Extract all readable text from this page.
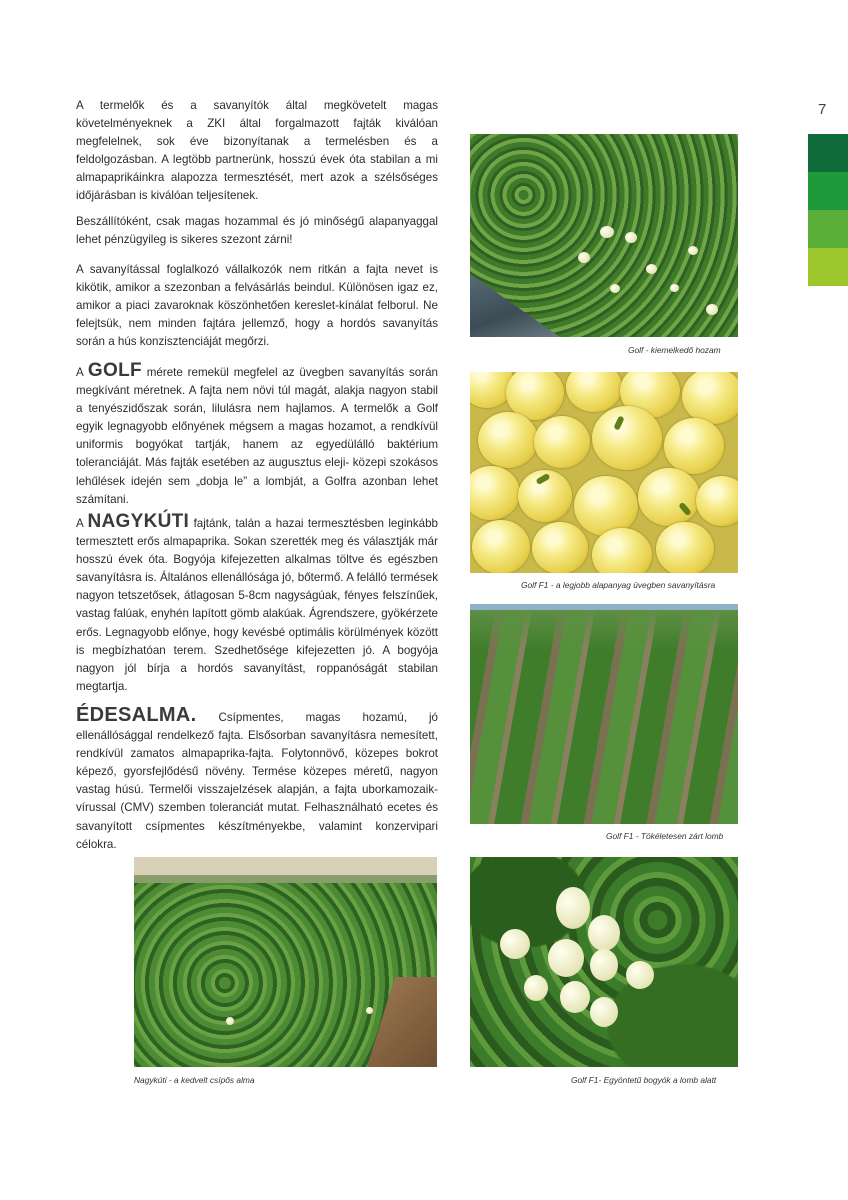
7

A termelők és a savanyítók által megkövetelt magas követelményeknek a ZKI által forgalmazott fajták kiválóan megfelelnek, sok éve bizonyítanak a termelésben és a feldolgozásban. A legtöbb partnerünk, hosszú évek óta stabilan a mi almapaprikáinkra alapozza termesztését, mert azok a szélsőséges időjárásban is kiválóan teljesítenek.

Beszállítóként, csak magas hozammal és jó minőségű alapanyaggal lehet pénzügyileg is sikeres szezont zárni!

A savanyítással foglalkozó vállalkozók nem ritkán a fajta nevet is kikötik, amikor a szezonban a felvásárlás beindul. Különösen igaz ez, amikor a piaci zavaroknak köszönhetően kereslet-kínálat felborul. Ne felejtsük, nem minden fajtára jellemző, hogy a hordós savanyítás során a hús konzisztenciáját megőrzi.

A GOLF mérete remekül megfelel az üvegben savanyítás során megkívánt méretnek. A fajta nem növi túl magát, alakja nagyon stabil a tenyészidőszak során, lilulásra nem hajlamos. A termelők a Golf egyik legnagyobb előnyének mégsem a magas hozamot, a rendkívül uniformis bogyókat tartják, hanem az egyedülálló baktérium toleranciáját. Más fajták esetében az augusztus eleji- közepi szokásos lehűlések idején sem „dobja le” a lombját, a Golfra azonban lehet számítani.

A NAGYKÚTI fajtánk, talán a hazai termesztésben leginkább termesztett erős almapaprika. Sokan szerették meg és választják már hosszú évek óta. Bogyója kifejezetten alkalmas töltve és egészben savanyításra is. Általános ellenállósága jó, bőtermő. A felálló termések nagyon tetszetősek, átlagosan 5-8cm nagyságúak, fényes felszínűek, vastag falúak, enyhén lapított gömb alakúak. Ágrendszere, gyökérzete erős. Legnagyobb előnye, hogy kevésbé optimális körülmények között is megbízhatóan terem. Szedhetősége kifejezetten jó. A bogyója nagyon jól bírja a hordós savanyítást, roppanóságát stabilan megtartja.

ÉDESALMA. Csípmentes, magas hozamú, jó ellenállósággal rendelkező fajta. Elsősorban savanyításra nemesített, rendkívül zamatos almapaprika-fajta. Folytonnövő, közepes bokrot képező, gyorsfejlődésű növény. Termése közepes méretű, nagyon vastag húsú. Termelői visszajelzések alapján, a fajta uborkamozaik-vírussal (CMV) szemben toleranciát mutat. Felhasználható ecetes és savanyított csípmentes készítményekbe, valamint konzervipari célokra.

Golf - kiemelkedő hozam
Golf F1 - a legjobb alapanyag üvegben savanyításra
Golf F1 - Tökéletesen zárt lomb
Nagykúti - a kedvelt csípős alma	Golf F1- Egyöntetű bogyók a lomb alatt
